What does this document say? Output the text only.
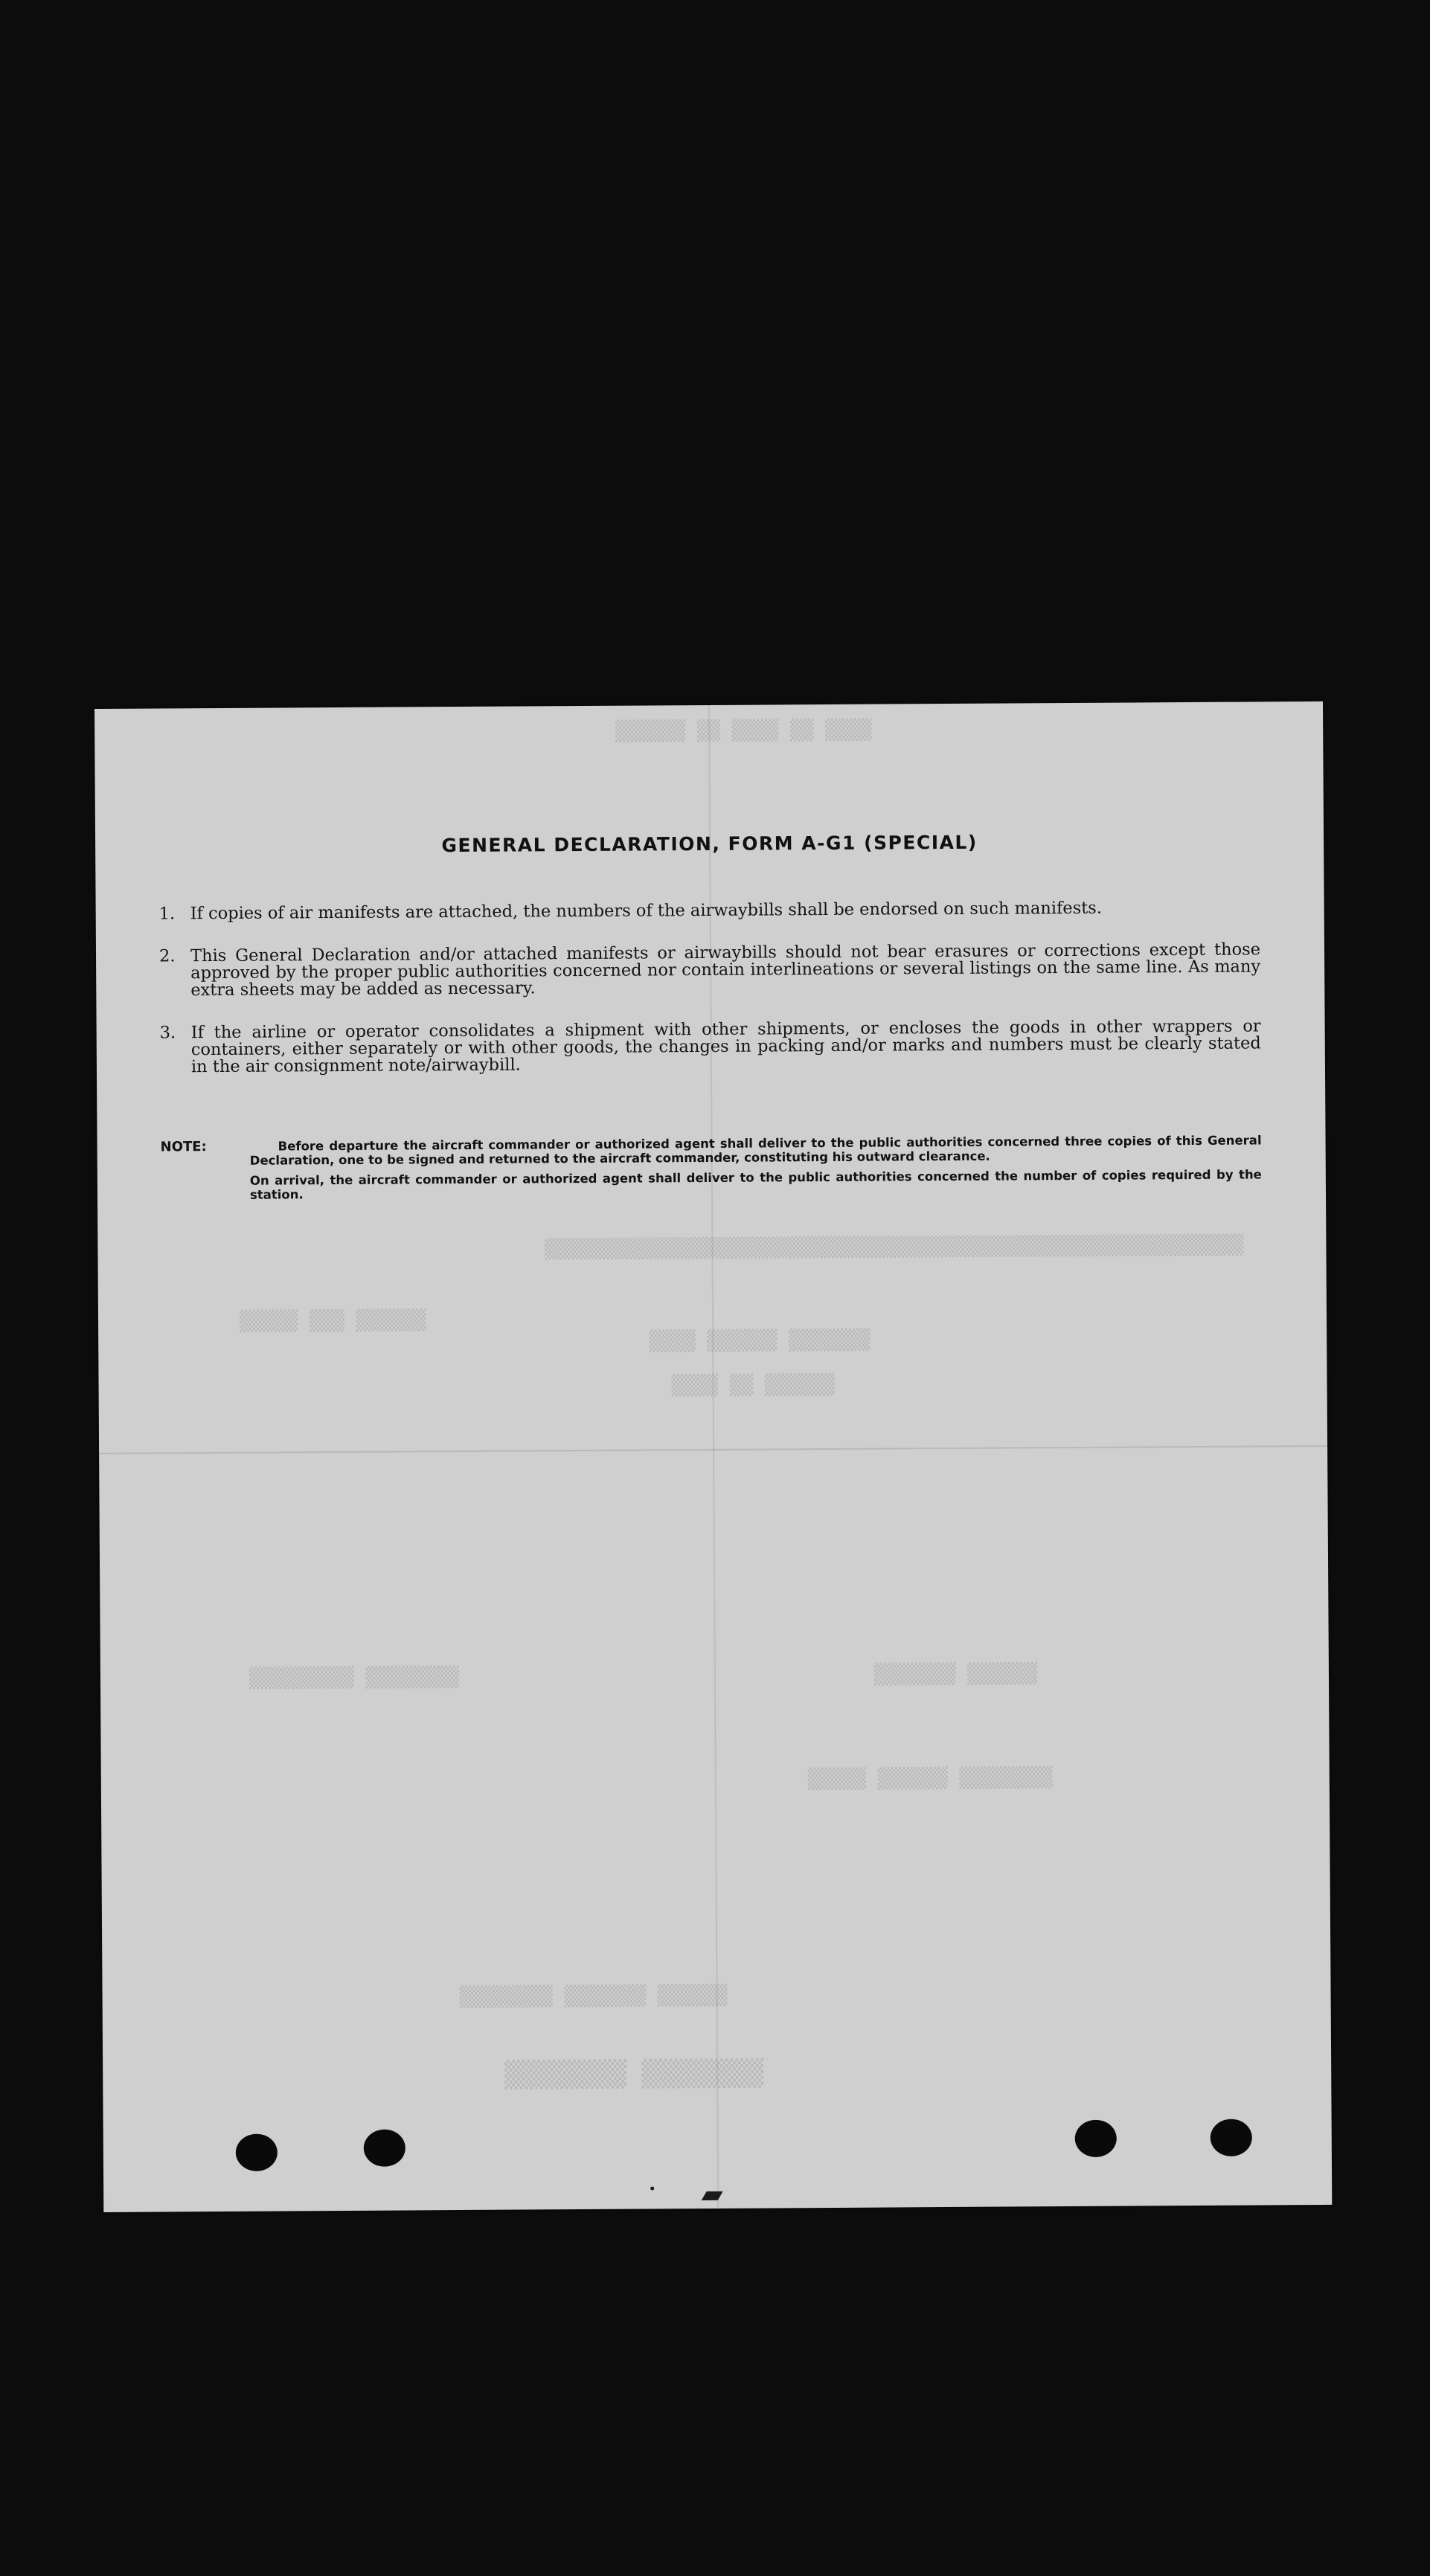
▒▒▒▒ ▒▒ ▒▒▒▒ ▒▒ ▒▒▒▒▒▒
▒▒▒▒▒▒▒▒▒▒▒▒▒▒▒▒▒▒▒▒▒▒▒▒▒▒▒▒▒▒▒▒▒▒▒▒▒▒▒▒▒▒▒▒▒▒▒▒▒▒▒▒▒▒▒▒▒▒▒▒
▒▒▒▒▒▒ ▒▒▒ ▒▒▒▒▒
▒▒▒▒▒▒▒ ▒▒▒▒▒▒ ▒▒▒▒
▒▒▒▒▒▒ ▒▒ ▒▒▒▒
▒▒▒▒▒▒▒▒ ▒▒▒▒▒▒▒▒▒	▒▒▒▒▒▒ ▒▒▒▒▒▒▒
▒▒▒▒▒▒▒▒ ▒▒▒▒▒▒ ▒▒▒▒▒
▒▒▒▒▒▒ ▒▒▒▒▒▒▒ ▒▒▒▒▒▒▒▒
▒▒▒▒▒▒▒▒ ▒▒▒▒▒▒▒▒
GENERAL DECLARATION, FORM A-G1 (SPECIAL)
1. If copies of air manifests are attached, the numbers of the airwaybills shall be endorsed on such manifests.
2. This General Declaration and/or attached manifests or airwaybills should not bear erasures or corrections except those approved by the proper public authorities concerned nor contain interlineations or several listings on the same line. As many extra sheets may be added as necessary.
3. If the airline or operator consolidates a shipment with other shipments, or encloses the goods in other wrappers or containers, either separately or with other goods, the changes in packing and/or marks and numbers must be clearly stated in the air consignment note/airwaybill.
NOTE:	Before departure the aircraft commander or authorized agent shall deliver to the public authorities concerned three copies of this General Declaration, one to be signed and returned to the aircraft commander, constituting his outward clearance.

On arrival, the aircraft commander or authorized agent shall deliver to the public authorities concerned the number of copies required by the station.
